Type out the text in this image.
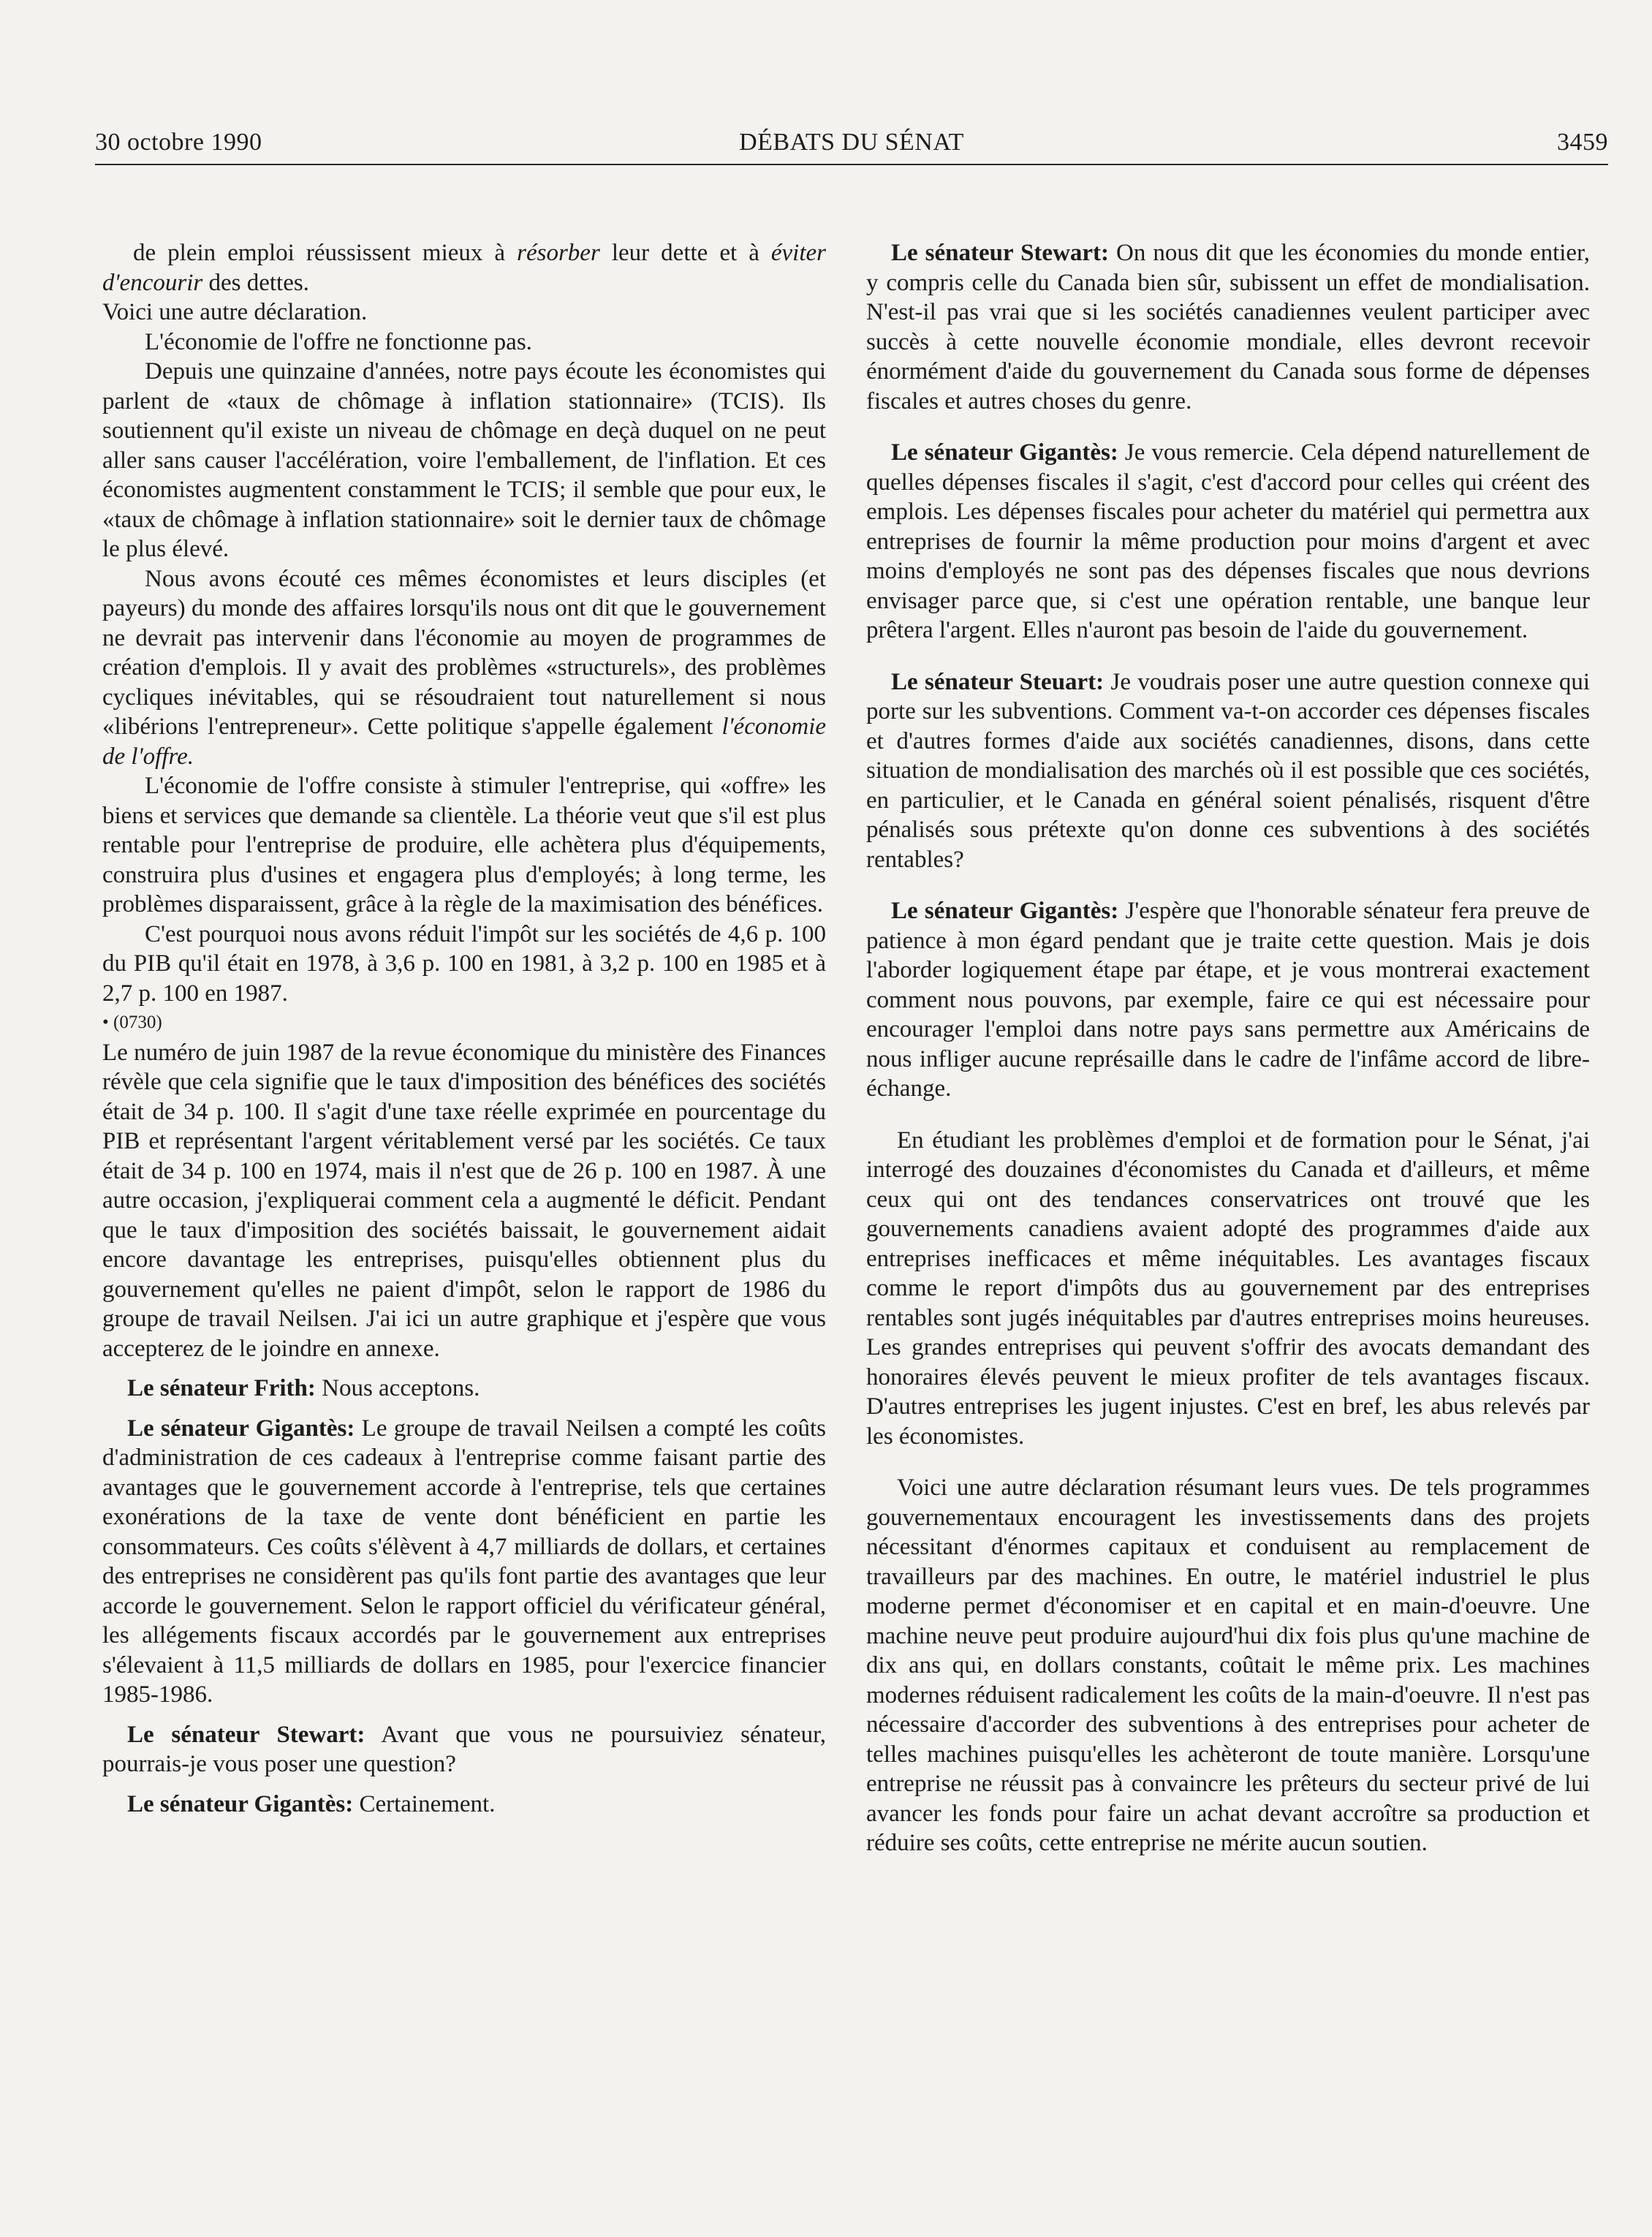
30 octobre 1990	DÉBATS DU SÉNAT	3459

de plein emploi réussissent mieux à résorber leur dette et à éviter d'encourir des dettes.

Voici une autre déclaration.

L'économie de l'offre ne fonctionne pas.

Depuis une quinzaine d'années, notre pays écoute les économistes qui parlent de «taux de chômage à inflation stationnaire» (TCIS). Ils soutiennent qu'il existe un niveau de chômage en deçà duquel on ne peut aller sans causer l'accélération, voire l'emballement, de l'inflation. Et ces économistes augmentent constamment le TCIS; il semble que pour eux, le «taux de chômage à inflation stationnaire» soit le dernier taux de chômage le plus élevé.

Nous avons écouté ces mêmes économistes et leurs disciples (et payeurs) du monde des affaires lorsqu'ils nous ont dit que le gouvernement ne devrait pas intervenir dans l'économie au moyen de programmes de création d'emplois. Il y avait des problèmes «structurels», des problèmes cycliques inévitables, qui se résoudraient tout naturellement si nous «libérions l'entrepreneur». Cette politique s'appelle également l'économie de l'offre.

L'économie de l'offre consiste à stimuler l'entreprise, qui «offre» les biens et services que demande sa clientèle. La théorie veut que s'il est plus rentable pour l'entreprise de produire, elle achètera plus d'équipements, construira plus d'usines et engagera plus d'employés; à long terme, les problèmes disparaissent, grâce à la règle de la maximisation des bénéfices.

C'est pourquoi nous avons réduit l'impôt sur les sociétés de 4,6 p. 100 du PIB qu'il était en 1978, à 3,6 p. 100 en 1981, à 3,2 p. 100 en 1985 et à 2,7 p. 100 en 1987.

• (0730)

Le numéro de juin 1987 de la revue économique du ministère des Finances révèle que cela signifie que le taux d'imposition des bénéfices des sociétés était de 34 p. 100. Il s'agit d'une taxe réelle exprimée en pourcentage du PIB et représentant l'argent véritablement versé par les sociétés. Ce taux était de 34 p. 100 en 1974, mais il n'est que de 26 p. 100 en 1987. À une autre occasion, j'expliquerai comment cela a augmenté le déficit. Pendant que le taux d'imposition des sociétés baissait, le gouvernement aidait encore davantage les entreprises, puisqu'elles obtiennent plus du gouvernement qu'elles ne paient d'impôt, selon le rapport de 1986 du groupe de travail Neilsen. J'ai ici un autre graphique et j'espère que vous accepterez de le joindre en annexe.

Le sénateur Frith: Nous acceptons.

Le sénateur Gigantès: Le groupe de travail Neilsen a compté les coûts d'administration de ces cadeaux à l'entreprise comme faisant partie des avantages que le gouvernement accorde à l'entreprise, tels que certaines exonérations de la taxe de vente dont bénéficient en partie les consommateurs. Ces coûts s'élèvent à 4,7 milliards de dollars, et certaines des entreprises ne considèrent pas qu'ils font partie des avantages que leur accorde le gouvernement. Selon le rapport officiel du vérificateur général, les allégements fiscaux accordés par le gouvernement aux entreprises s'élevaient à 11,5 milliards de dollars en 1985, pour l'exercice financier 1985-1986.

Le sénateur Stewart: Avant que vous ne poursuiviez sénateur, pourrais-je vous poser une question?

Le sénateur Gigantès: Certainement.

Le sénateur Stewart: On nous dit que les économies du monde entier, y compris celle du Canada bien sûr, subissent un effet de mondialisation. N'est-il pas vrai que si les sociétés canadiennes veulent participer avec succès à cette nouvelle économie mondiale, elles devront recevoir énormément d'aide du gouvernement du Canada sous forme de dépenses fiscales et autres choses du genre.

Le sénateur Gigantès: Je vous remercie. Cela dépend naturellement de quelles dépenses fiscales il s'agit, c'est d'accord pour celles qui créent des emplois. Les dépenses fiscales pour acheter du matériel qui permettra aux entreprises de fournir la même production pour moins d'argent et avec moins d'employés ne sont pas des dépenses fiscales que nous devrions envisager parce que, si c'est une opération rentable, une banque leur prêtera l'argent. Elles n'auront pas besoin de l'aide du gouvernement.

Le sénateur Steuart: Je voudrais poser une autre question connexe qui porte sur les subventions. Comment va-t-on accorder ces dépenses fiscales et d'autres formes d'aide aux sociétés canadiennes, disons, dans cette situation de mondialisation des marchés où il est possible que ces sociétés, en particulier, et le Canada en général soient pénalisés, risquent d'être pénalisés sous prétexte qu'on donne ces subventions à des sociétés rentables?

Le sénateur Gigantès: J'espère que l'honorable sénateur fera preuve de patience à mon égard pendant que je traite cette question. Mais je dois l'aborder logiquement étape par étape, et je vous montrerai exactement comment nous pouvons, par exemple, faire ce qui est nécessaire pour encourager l'emploi dans notre pays sans permettre aux Américains de nous infliger aucune représaille dans le cadre de l'infâme accord de libre-échange.

En étudiant les problèmes d'emploi et de formation pour le Sénat, j'ai interrogé des douzaines d'économistes du Canada et d'ailleurs, et même ceux qui ont des tendances conservatrices ont trouvé que les gouvernements canadiens avaient adopté des programmes d'aide aux entreprises inefficaces et même inéquitables. Les avantages fiscaux comme le report d'impôts dus au gouvernement par des entreprises rentables sont jugés inéquitables par d'autres entreprises moins heureuses. Les grandes entreprises qui peuvent s'offrir des avocats demandant des honoraires élevés peuvent le mieux profiter de tels avantages fiscaux. D'autres entreprises les jugent injustes. C'est en bref, les abus relevés par les économistes.

Voici une autre déclaration résumant leurs vues. De tels programmes gouvernementaux encouragent les investissements dans des projets nécessitant d'énormes capitaux et conduisent au remplacement de travailleurs par des machines. En outre, le matériel industriel le plus moderne permet d'économiser et en capital et en main-d'oeuvre. Une machine neuve peut produire aujourd'hui dix fois plus qu'une machine de dix ans qui, en dollars constants, coûtait le même prix. Les machines modernes réduisent radicalement les coûts de la main-d'oeuvre. Il n'est pas nécessaire d'accorder des subventions à des entreprises pour acheter de telles machines puisqu'elles les achèteront de toute manière. Lorsqu'une entreprise ne réussit pas à convaincre les prêteurs du secteur privé de lui avancer les fonds pour faire un achat devant accroître sa production et réduire ses coûts, cette entreprise ne mérite aucun soutien.
